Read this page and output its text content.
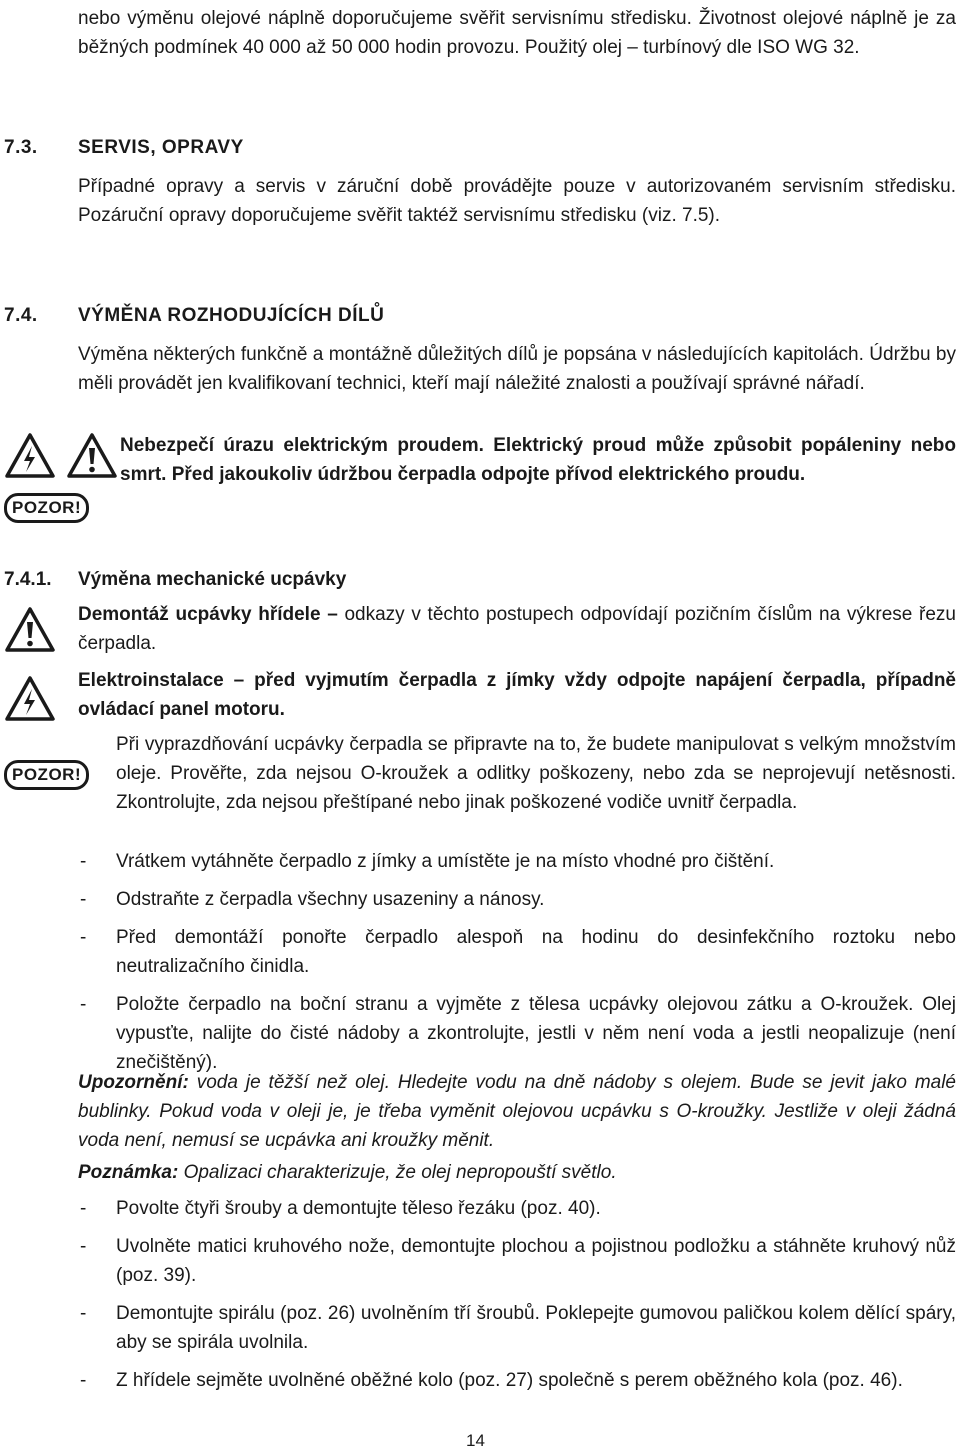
nebo výměnu olejové náplně doporučujeme svěřit servisnímu středisku. Životnost olejové náplně je za běžných podmínek 40 000 až 50 000 hodin provozu. Použitý olej – turbínový dle ISO WG 32.

7.3. SERVIS, OPRAVY

Případné opravy a servis v záruční době provádějte pouze v autorizovaném servisním středisku. Pozáruční opravy doporučujeme svěřit taktéž servisnímu středisku (viz. 7.5).

7.4. VÝMĚNA ROZHODUJÍCÍCH DÍLŮ

Výměna některých funkčně a montážně důležitých dílů je popsána v následujících kapitolách. Údržbu by měli provádět jen kvalifikovaní technici, kteří mají náležité znalosti a používají správné nářadí.

POZOR!

Nebezpečí úrazu elektrickým proudem. Elektrický proud může způsobit popáleniny nebo smrt. Před jakoukoliv údržbou čerpadla odpojte přívod elektrického proudu.

7.4.1. Výměna mechanické ucpávky
POZOR!

Demontáž ucpávky hřídele – odkazy v těchto postupech odpovídají pozičním číslům na výkrese řezu čerpadla.

Elektroinstalace – před vyjmutím čerpadla z jímky vždy odpojte napájení čerpadla, případně ovládací panel motoru.

Při vyprazdňování ucpávky čerpadla se připravte na to, že budete manipulovat s velkým množstvím oleje. Prověřte, zda nejsou O-kroužek a odlitky poškozeny, nebo zda se neprojevují netěsnosti. Zkontrolujte, zda nejsou přeštípané nebo jinak poškozené vodiče uvnitř čerpadla.

- Vrátkem vytáhněte čerpadlo z jímky a umístěte je na místo vhodné pro čištění.
- Odstraňte z čerpadla všechny usazeniny a nánosy.
- Před demontáží ponořte čerpadlo alespoň na hodinu do desinfekčního roztoku nebo neutralizačního činidla.
- Položte čerpadlo na boční stranu a vyjměte z tělesa ucpávky olejovou zátku a O-kroužek. Olej vypusťte, nalijte do čisté nádoby a zkontrolujte, jestli v něm není voda a jestli neopalizuje (není znečištěný).

Upozornění: voda je těžší než olej. Hledejte vodu na dně nádoby s olejem. Bude se jevit jako malé bublinky. Pokud voda v oleji je, je třeba vyměnit olejovou ucpávku s O-kroužky. Jestliže v oleji žádná voda není, nemusí se ucpávka ani kroužky měnit.

Poznámka: Opalizaci charakterizuje, že olej nepropouští světlo.

- Povolte čtyři šrouby a demontujte těleso řezáku (poz. 40).
- Uvolněte matici kruhového nože, demontujte plochou a pojistnou podložku a stáhněte kruhový nůž (poz. 39).
- Demontujte spirálu (poz. 26) uvolněním tří šroubů. Poklepejte gumovou paličkou kolem dělící spáry, aby se spirála uvolnila.
- Z hřídele sejměte uvolněné oběžné kolo (poz. 27) společně s perem oběžného kola (poz. 46).
14
